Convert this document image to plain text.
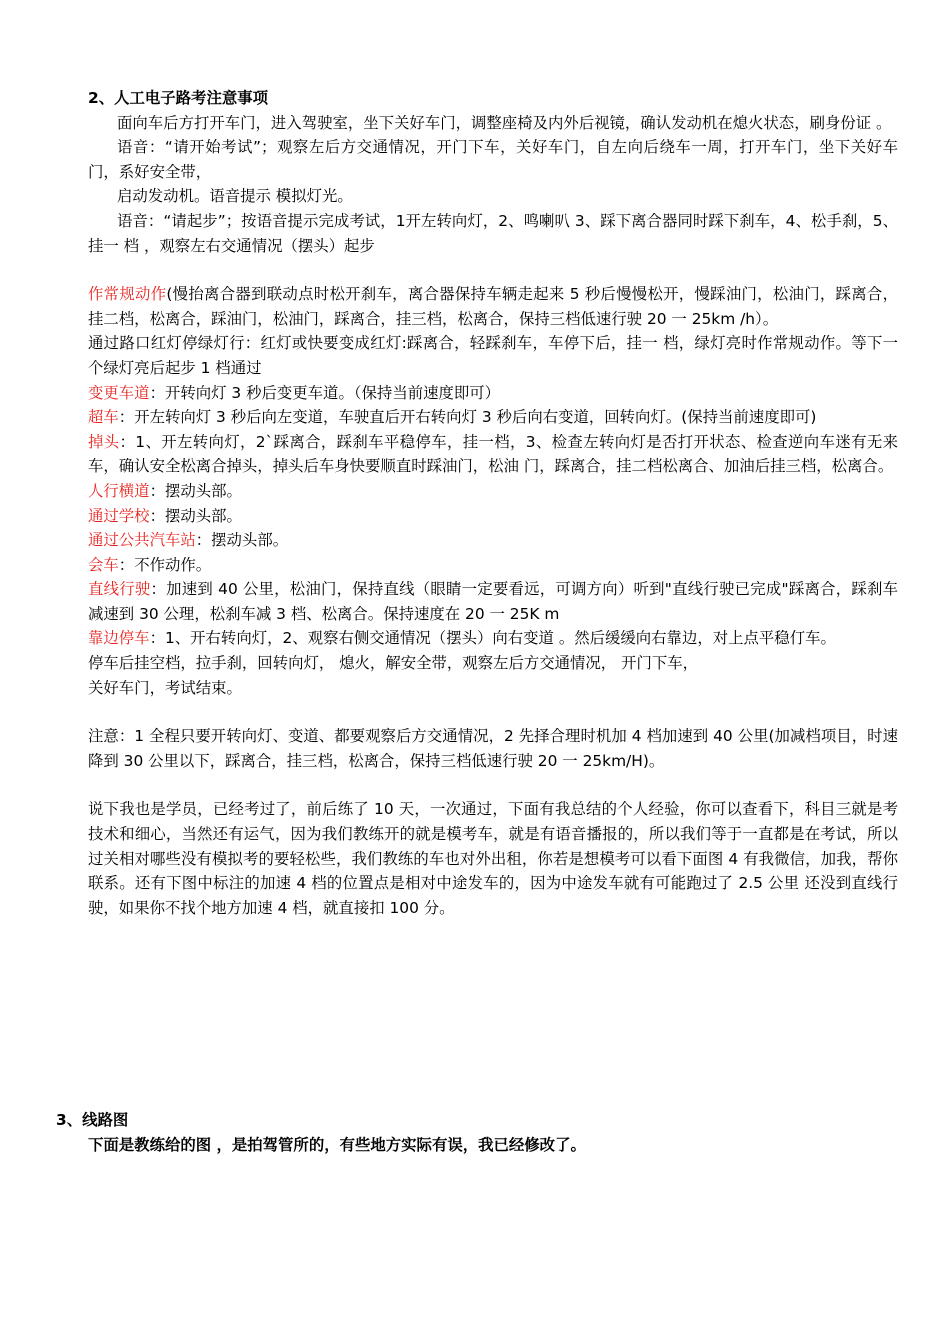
2、人工电子路考注意事项

面向车后方打开车门，进入驾驶室，坐下关好车门，调整座椅及内外后视镜，确认发动机在熄火状态，刷身份证 。

语音：“请开始考试”；观察左后方交通情况，开门下车，关好车门，自左向后绕车一周，打开车门，坐下关好车门，系好安全带，

启动发动机。语音提示 模拟灯光。

语音：“请起步”；按语音提示完成考试，1开左转向灯，2、鸣喇叭 3、踩下离合器同时踩下刹车，4、松手刹，5、挂一 档 ，观察左右交通情况（摆头）起步

作常规动作(慢抬离合器到联动点时松开刹车，离合器保持车辆走起来 5 秒后慢慢松开，慢踩油门，松油门，踩离合，挂二档，松离合，踩油门，松油门，踩离合，挂三档，松离合，保持三档低速行驶 20 一 25km /h）。

通过路口红灯停绿灯行：红灯或快要变成红灯:踩离合，轻踩刹车，车停下后，挂一 档，绿灯亮时作常规动作。等下一个绿灯亮后起步 1 档通过

变更车道：开转向灯 3 秒后变更车道。（保持当前速度即可）

超车：开左转向灯 3 秒后向左变道，车驶直后开右转向灯 3 秒后向右变道，回转向灯。(保持当前速度即可)

掉头：1、开左转向灯，2`踩离合，踩刹车平稳停车，挂一档，3、检查左转向灯是否打开状态、检查逆向车迷有无来车，确认安全松离合掉头，掉头后车身快要顺直时踩油门，松油 门，踩离合，挂二档松离合、加油后挂三档，松离合。

人行横道：摆动头部。

通过学校：摆动头部。

通过公共汽车站：摆动头部。

会车：不作动作。

直线行驶：加速到 40 公里，松油门，保持直线（眼睛一定要看远，可调方向）听到"直线行驶已完成"踩离合，踩刹车减速到 30 公理，松刹车减 3 档、松离合。保持速度在 20 一 25K m

靠边停车：1、开右转向灯，2、观察右侧交通情况（摆头）向右变道 。然后缓缓向右靠边，对上点平稳仃车。

停车后挂空档，拉手刹，回转向灯， 熄火，解安全带，观察左后方交通情况， 开门下车，

关好车门，考试结束。

注意：1 全程只要开转向灯、变道、都要观察后方交通情况，2 先择合理时机加 4 档加速到 40 公里(加减档项目，时速降到 30 公里以下，踩离合，挂三档，松离合，保持三档低速行驶 20 一 25km/H)。

说下我也是学员，已经考过了，前后练了 10 天，一次通过，下面有我总结的个人经验，你可以查看下，科目三就是考技术和细心，当然还有运气，因为我们教练开的就是模考车，就是有语音播报的，所以我们等于一直都是在考试，所以过关相对哪些没有模拟考的要轻松些，我们教练的车也对外出租，你若是想模考可以看下面图 4 有我微信，加我，帮你联系。还有下图中标注的加速 4 档的位置点是相对中途发车的，因为中途发车就有可能跑过了 2.5 公里 还没到直线行驶，如果你不找个地方加速 4 档，就直接扣 100 分。

3、线路图
下面是教练给的图 ，是拍驾管所的，有些地方实际有误，我已经修改了。
